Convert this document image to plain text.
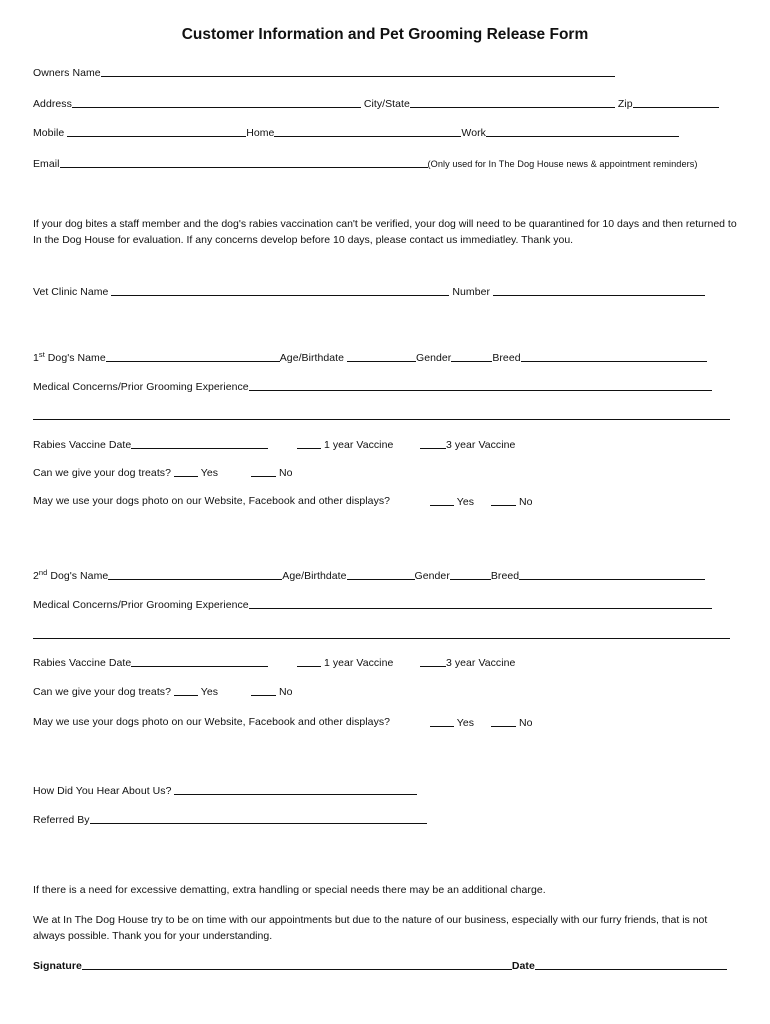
Customer Information and Pet Grooming Release Form
Owners Name
Address	City/State	Zip
Mobile	Home	Work
Email	(Only used for In The Dog House news & appointment reminders)
If your dog bites a staff member and the dog's rabies vaccination can't be verified, your dog will need to be quarantined for 10 days and then returned to In the Dog House for evaluation. If any concerns develop before 10 days, please contact us immediatley. Thank you.
Vet Clinic Name	Number
1st Dog's Name	Age/Birthdate	Gender	Breed
Medical Concerns/Prior Grooming Experience
Rabies Vaccine Date	1 year Vaccine	3 year Vaccine
Can we give your dog treats?	Yes	No
May we use your dogs photo on our Website, Facebook and other displays?	Yes	No
2nd Dog's Name	Age/Birthdate	Gender	Breed
Medical Concerns/Prior Grooming Experience
Rabies Vaccine Date	1 year Vaccine	3 year Vaccine
Can we give your dog treats?	Yes	No
May we use your dogs photo on our Website, Facebook and other displays?	Yes	No
How Did You Hear About Us?
Referred By
If there is a need for excessive dematting, extra handling or special needs there may be an additional charge.
We at In The Dog House try to be on time with our appointments but due to the nature of our business, especially with our furry friends, that is not always possible. Thank you for your understanding.
Signature	Date
